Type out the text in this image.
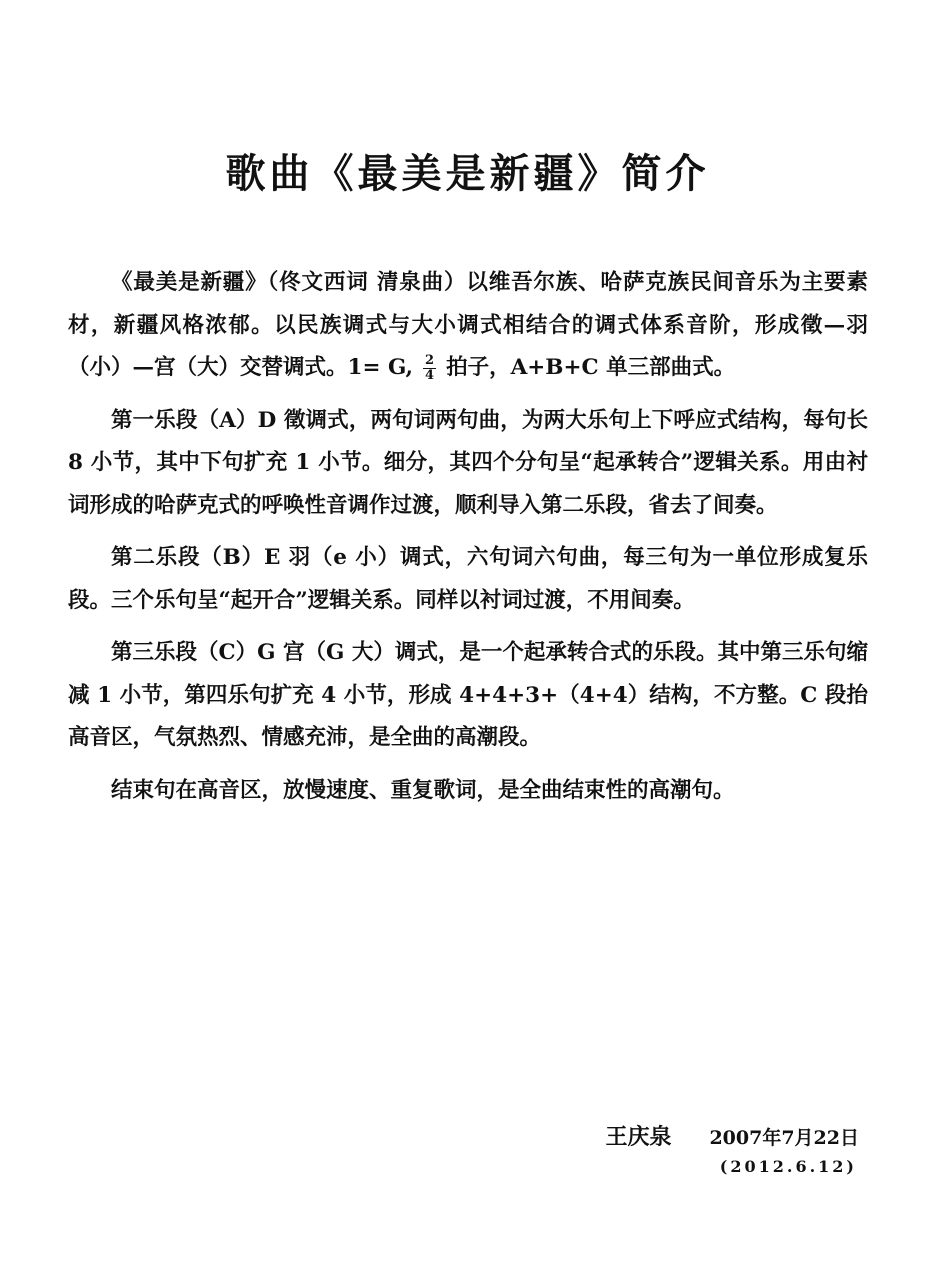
歌曲《最美是新疆》简介

《最美是新疆》（佟文西词 清泉曲）以维吾尔族、哈萨克族民间音乐为主要素材，新疆风格浓郁。以民族调式与大小调式相结合的调式体系音阶，形成徵—羽（小）—宫（大）交替调式。1= G, $\frac{2}{4}$ 拍子，A+B+C 单三部曲式。

第一乐段（A）D 徵调式，两句词两句曲，为两大乐句上下呼应式结构，每句长 8 小节，其中下句扩充 1 小节。细分，其四个分句呈“起承转合”逻辑关系。用由衬词形成的哈萨克式的呼唤性音调作过渡，顺利导入第二乐段，省去了间奏。

第二乐段（B）E 羽（e 小）调式，六句词六句曲，每三句为一单位形成复乐段。三个乐句呈“起开合”逻辑关系。同样以衬词过渡，不用间奏。

第三乐段（C）G 宫（G 大）调式，是一个起承转合式的乐段。其中第三乐句缩减 1 小节，第四乐句扩充 4 小节，形成 4+4+3+（4+4）结构，不方整。C 段抬高音区，气氛热烈、情感充沛，是全曲的高潮段。

结束句在高音区，放慢速度、重复歌词，是全曲结束性的高潮句。

王庆泉 2007年7月22日
(2012.6.12)
